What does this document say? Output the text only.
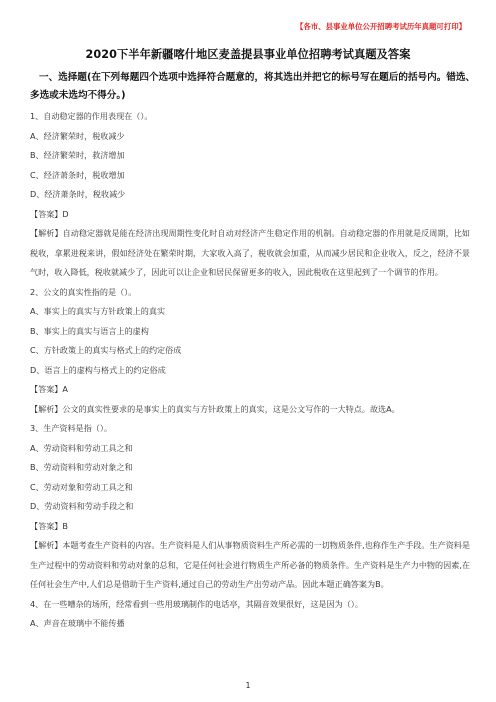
【各市、县事业单位公开招聘考试历年真题可打印】
2020下半年新疆喀什地区麦盖提县事业单位招聘考试真题及答案
一、选择题(在下列每题四个选项中选择符合题意的，将其选出并把它的标号写在题后的括号内。错选、多选或未选均不得分。)
1、自动稳定器的作用表现在（）。
A、经济繁荣时，税收减少
B、经济繁荣时，救济增加
C、经济萧条时，税收增加
D、经济萧条时，税收减少
【答案】D
【解析】自动稳定器就是能在经济出现周期性变化时自动对经济产生稳定作用的机制。自动稳定器的作用就是反周期，比如税收，拿累进税来讲，假如经济处在繁荣时期，大家收入高了，税收就会加重，从而减少居民和企业收入，反之，经济不景气时，收入降低，税收就减少了，因此可以让企业和居民保留更多的收入，因此税收在这里起到了一个调节的作用。
2、公文的真实性指的是（）。
A、事实上的真实与方针政策上的真实
B、事实上的真实与语言上的虚构
C、方针政策上的真实与格式上的约定俗成
D、语言上的虚构与格式上的约定俗成
【答案】A
【解析】公文的真实性要求的是事实上的真实与方针政策上的真实，这是公文写作的一大特点。故选A。
3、生产资料是指（）。
A、劳动资料和劳动工具之和
B、劳动资料和劳动对象之和
C、劳动对象和劳动工具之和
D、劳动资料和劳动手段之和
【答案】B
【解析】本题考查生产资料的内容。生产资料是人们从事物质资料生产所必需的一切物质条件,也称作生产手段。生产资料是生产过程中的劳动资料和劳动对象的总和，它是任何社会进行物质生产所必备的物质条件。生产资料是生产力中物的因素,在任何社会生产中,人们总是借助于生产资料,通过自己的劳动生产出劳动产品。因此本题正确答案为B。
4、在一些嘈杂的场所，经常看到一些用玻璃制作的电话亭，其隔音效果很好，这是因为（）。
A、声音在玻璃中不能传播
1
